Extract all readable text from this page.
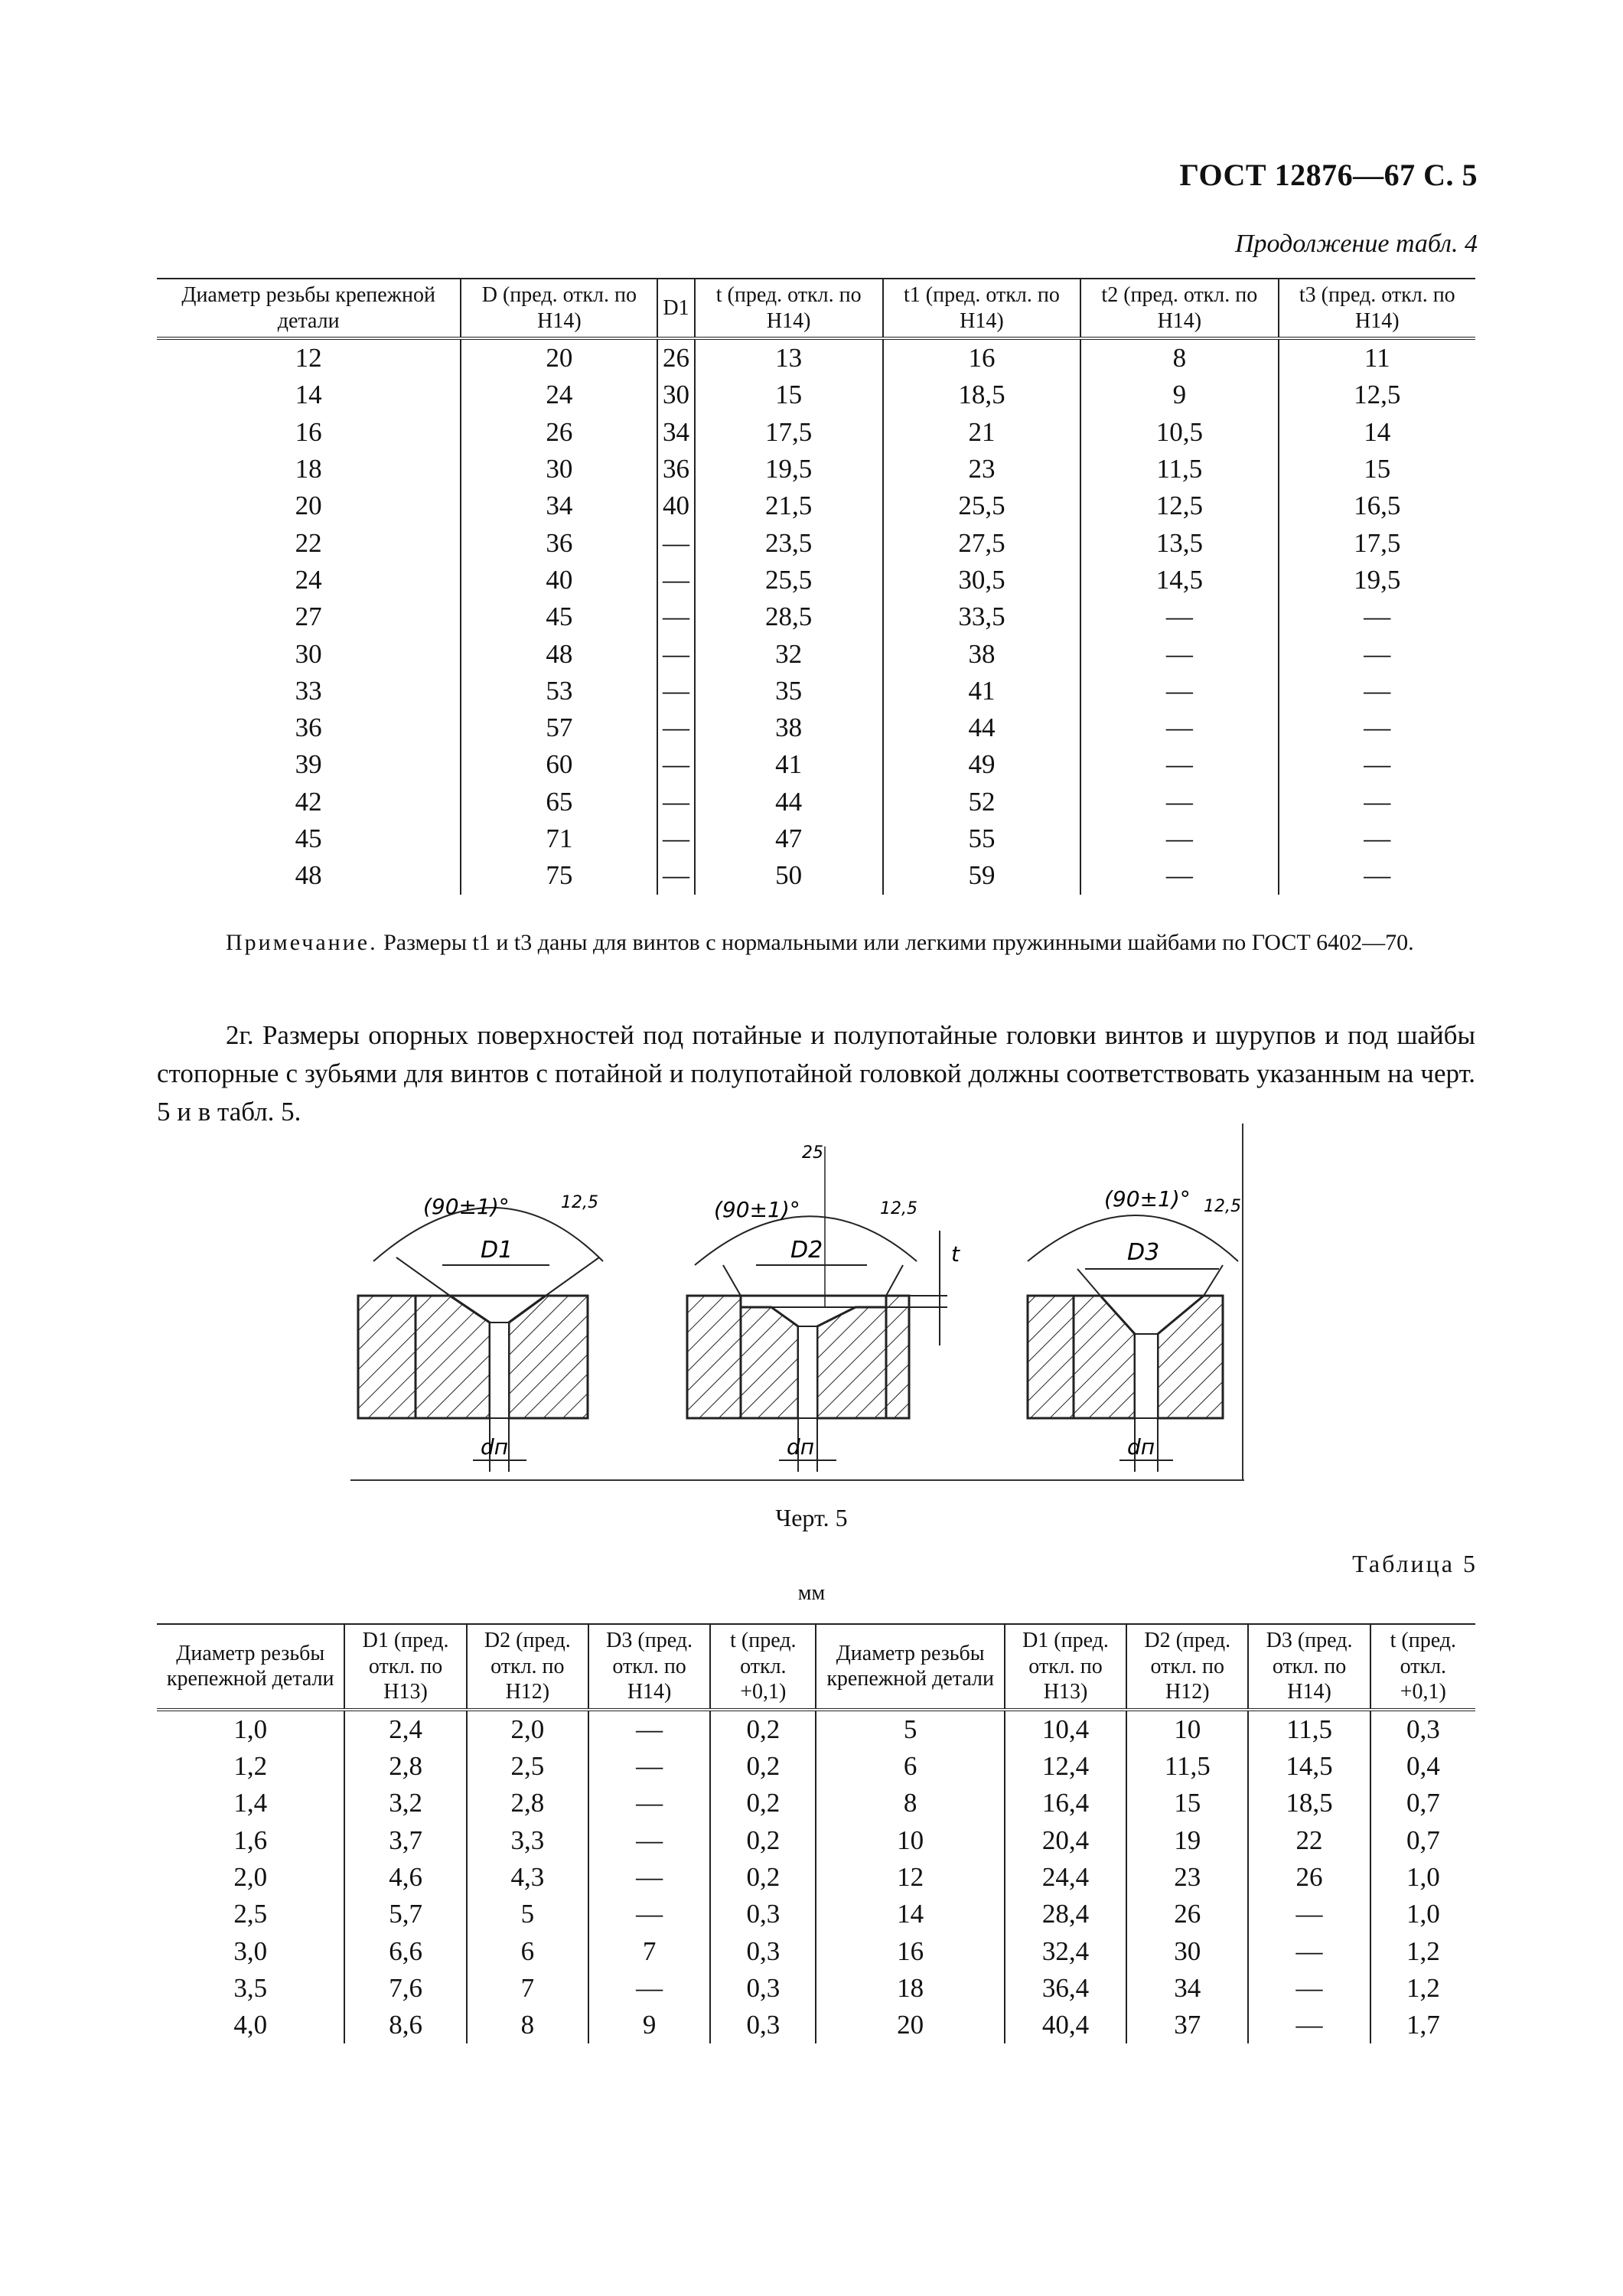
ГОСТ 12876—67 С. 5
Продолжение табл. 4
Диаметр резьбы крепежной детали	D (пред. откл. по H14)	D1	t (пред. откл. по H14)	t1 (пред. откл. по H14)	t2 (пред. откл. по H14)	t3 (пред. откл. по H14)
12	20	26	13	16	8	11
14	24	30	15	18,5	9	12,5
16	26	34	17,5	21	10,5	14
18	30	36	19,5	23	11,5	15
20	34	40	21,5	25,5	12,5	16,5
22	36	—	23,5	27,5	13,5	17,5
24	40	—	25,5	30,5	14,5	19,5
27	45	—	28,5	33,5	—	—
30	48	—	32	38	—	—
33	53	—	35	41	—	—
36	57	—	38	44	—	—
39	60	—	41	49	—	—
42	65	—	44	52	—	—
45	71	—	47	55	—	—
48	75	—	50	59	—	—
Примечание. Размеры t1 и t3 даны для винтов с нормальными или легкими пружинными шайбами по ГОСТ 6402—70.
2г. Размеры опорных поверхностей под потайные и полупотайные головки винтов и шурупов и под шайбы стопорные с зубьями для винтов с потайной и полупотайной головкой должны соответствовать указанным на черт. 5 и в табл. 5.
(90±1)°	12,5
D1
dп
(90±1)°	12,5
25
D2	t
dп
(90±1)° 12,5
D3
dп
Черт. 5
Таблица 5
мм
Диаметр резьбы крепежной детали	D1 (пред. откл. по H13)	D2 (пред. откл. по H12)	D3 (пред. откл. по H14)	t (пред. откл. +0,1)	Диаметр резьбы крепежной детали	D1 (пред. откл. по H13)	D2 (пред. откл. по H12)	D3 (пред. откл. по H14)	t (пред. откл. +0,1)
1,0	2,4	2,0	—	0,2	5	10,4	10	11,5	0,3
1,2	2,8	2,5	—	0,2	6	12,4	11,5	14,5	0,4
1,4	3,2	2,8	—	0,2	8	16,4	15	18,5	0,7
1,6	3,7	3,3	—	0,2	10	20,4	19	22	0,7
2,0	4,6	4,3	—	0,2	12	24,4	23	26	1,0
2,5	5,7	5	—	0,3	14	28,4	26	—	1,0
3,0	6,6	6	7	0,3	16	32,4	30	—	1,2
3,5	7,6	7	—	0,3	18	36,4	34	—	1,2
4,0	8,6	8	9	0,3	20	40,4	37	—	1,7
